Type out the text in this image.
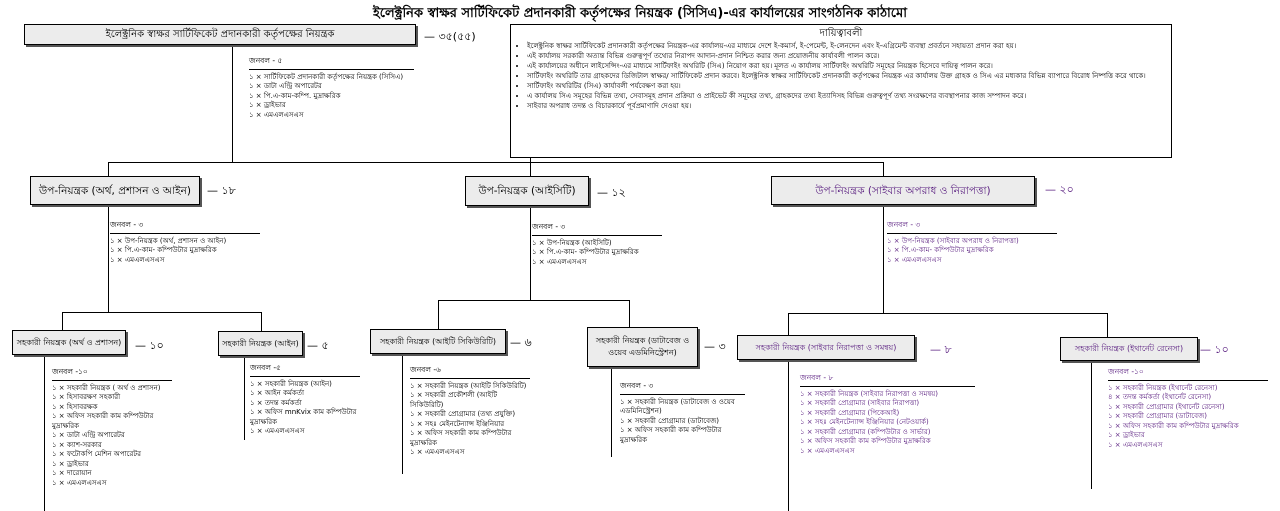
ইলেক্ট্রনিক স্বাক্ষর সার্টিফিকেট প্রদানকারী কর্তৃপক্ষের নিয়ন্ত্রক (সিসিএ)-এর কার্যালয়ের সাংগঠনিক কাঠামো
ইলেক্ট্রনিক স্বাক্ষর সার্টিফিকেট প্রদানকারী কর্তৃপক্ষের নিয়ন্ত্রক	— ৩৫(৫৫)
জনবল - ৫
১ × সার্টিফিকেট প্রদানকারী কর্তৃপক্ষের নিয়ন্ত্রক (সিসিএ)
১ × ডাটা এন্ট্রি অপারেটর
১ × পি.এ-কাম-কম্পি. মুদ্রাক্ষরিক
১ × ড্রাইভার
১ × এমএলএসএস
দায়িত্বাবলী
• ইলেক্ট্রনিক স্বাক্ষর সার্টিফিকেট প্রদানকারী কর্তৃপক্ষের নিয়ন্ত্রক-এর কার্যালয়-এর মাধ্যমে দেশে ই-কমার্স, ই-পেমেন্ট, ই-লেনদেন এবং ই-এগ্রিমেন্ট ব্যবস্থা প্রবর্তনে সহায়তা প্রদান করা হয়।
• এই কার্যালয় সরকারী অত্যন্ত বিভিন্ন গুরুত্বপূর্ণ তথ্যের নিরাপদ আদান-প্রদান নিশ্চিত করার জন্য প্রয়োজনীয় কার্যাবলী পালন করে।
• এই কার্যালয়ের অধীনে লাইসেন্সিং-এর মাধ্যমে সার্টিফাইং অথরিটি (সিএ) নিয়োগ করা হয়। মূলত এ কার্যালয় সার্টিফাইং অথরিটি সমূহের নিয়ন্ত্রক হিসেবে দায়িত্ব পালন করে।
• সার্টিফাইং অথরিটি তার গ্রাহকদের ডিজিটাল স্বাক্ষর/ সার্টিফিকেট প্রদান করবে। ইলেক্ট্রনিক স্বাক্ষর সার্টিফিকেট প্রদানকারী কর্তৃপক্ষের নিয়ন্ত্রক এর কার্যালয় উক্ত গ্রাহক ও সিএ এর মধ্যকার বিভিন্ন ব্যাপারে বিরোধ নিষ্পত্তি করে থাকে।
• সার্টিফাইং অথরিটির (সিএ) কার্যাবলী পর্যবেক্ষণ করা হয়।
• এ কার্যালয় সিএ সমূহের বিভিন্ন তথ্য, সেবাসমূহ প্রদান প্রক্রিয়া ও প্রাইভেট কী সমূহের তথ্য, গ্রাহকদের তথ্য ইত্যাদিসহ বিভিন্ন গুরুত্বপূর্ণ তথ্য সংরক্ষণের ব্যবস্থাপনার কাজ সম্পাদন করে।
• সাইবার অপরাধ তদন্ত ও বিচারকার্যে পূর্বপ্রমাণাদি দেওয়া হয়।
উপ-নিয়ন্ত্রক (অর্থ, প্রশাসন ও আইন) — ১৮	উপ-নিয়ন্ত্রক (আইসিটি) — ১২	উপ-নিয়ন্ত্রক (সাইবার অপরাধ ও নিরাপত্তা)	— ২০
জনবল - ৩
১ × উপ-নিয়ন্ত্রক (অর্থ, প্রশাসন ও আইন)
১ × পি.এ-কাম- কম্পিউটার মুদ্রাক্ষরিক
১ × এমএলএসএস
জনবল - ৩
১ × উপ-নিয়ন্ত্রক (আইসিটি)
১ × পি.এ-কাম- কম্পিউটার মুদ্রাক্ষরিক
১ × এমএলএসএস
জনবল - ৩
১ × উপ-নিয়ন্ত্রক (সাইবার অপরাধ ও নিরাপত্তা)
১ × পি.এ-কাম- কম্পিউটার মুদ্রাক্ষরিক
১ × এমএলএসএস
সহকারী নিয়ন্ত্রক (অর্থ ও প্রশাসন) — ১০	সহকারী নিয়ন্ত্রক (আইন) — ৫	সহকারী নিয়ন্ত্রক (আইটি সিকিউরিটি) — ৬	সহকারী নিয়ন্ত্রক (ডাটাবেজ ও ওয়েব এডমিনিস্ট্রেশন)	— ৩	সহকারী নিয়ন্ত্রক (সাইবার নিরাপত্তা ও সমন্বয়)	— ৮	সহকারী নিয়ন্ত্রক (ইথার্নেট রেনেসা) — ১০
জনবল -১০
১ × সহকারী নিয়ন্ত্রক ( অর্থ ও প্রশাসন)
১ × হিসাবরক্ষণ সহকারী
১ × হিসাবরক্ষক
১ × অফিস সহকারী কাম কম্পিউটার মুদ্রাক্ষরিক
১ × ডাটা এন্ট্রি অপারেটর
১ × ক্যাশ-সরকার
১ × ফটোকপি মেশিন অপারেটর
১ × ড্রাইভার
১ × দারোয়ান
১ × এমএলএসএস
জনবল -৫
১ × সহকারী নিয়ন্ত্রক (আইন)
১ × আইন কর্মকর্তা
১ × তদন্ত কর্মকর্তা
১ × অফিস mnKvix কাম কম্পিউটার মুদ্রাক্ষরিক
১ × এমএলএসএস
জনবল -৬
১ × সহকারী নিয়ন্ত্রক (আইটি সিকিউরিটি)
১ × সহকারী প্রকৌশলী (আইটি সিকিউরিটি)
১ × সহকারী প্রোগ্রামার (তথ্য প্রযুক্তি)
১ × সহঃ মেইনটেন্যান্স ইঞ্জিনিয়ার
১ × অফিস সহকারী কাম কম্পিউটার মুদ্রাক্ষরিক
১ × এমএলএসএস
জনবল - ৩
১ × সহকারী নিয়ন্ত্রক (ডাটাবেজ ও ওয়েব এডমিনিস্ট্রেশন)
১ × সহকারী প্রোগ্রামার (ডাটাবেজ)
১ × অফিস সহকারী কাম কম্পিউটার মুদ্রাক্ষরিক
জনবল - ৮
১ × সহকারী নিয়ন্ত্রক (সাইবার নিরাপত্তা ও সমন্বয়)
১ × সহকারী প্রোগ্রামার (সাইবার নিরাপত্তা)
১ × সহকারী প্রোগ্রামার (পিকেআই)
১ × সহঃ মেইনটেন্যান্স ইঞ্জিনিয়ার (নেটওয়ার্ক)
১ × সহকারী প্রোগ্রামার (কম্পিউটার ও সার্ভার)
১ × অফিস সহকারী কাম কম্পিউটার মুদ্রাক্ষরিক
১ × এমএলএসএস
জনবল -১০
১ × সহকারী নিয়ন্ত্রক (ইথার্নেট রেনেসা)
৪ × তদন্ত কর্মকর্তা (ইথার্নেট রেনেসা)
১ × সহকারী প্রোগ্রামার (ইথার্নেট রেনেসা)
১ × সহকারী প্রোগ্রামার (ডাটাবেজ)
১ × অফিস সহকারী কাম কম্পিউটার মুদ্রাক্ষরিক
১ × ড্রাইভার
১ × এমএলএসএস
